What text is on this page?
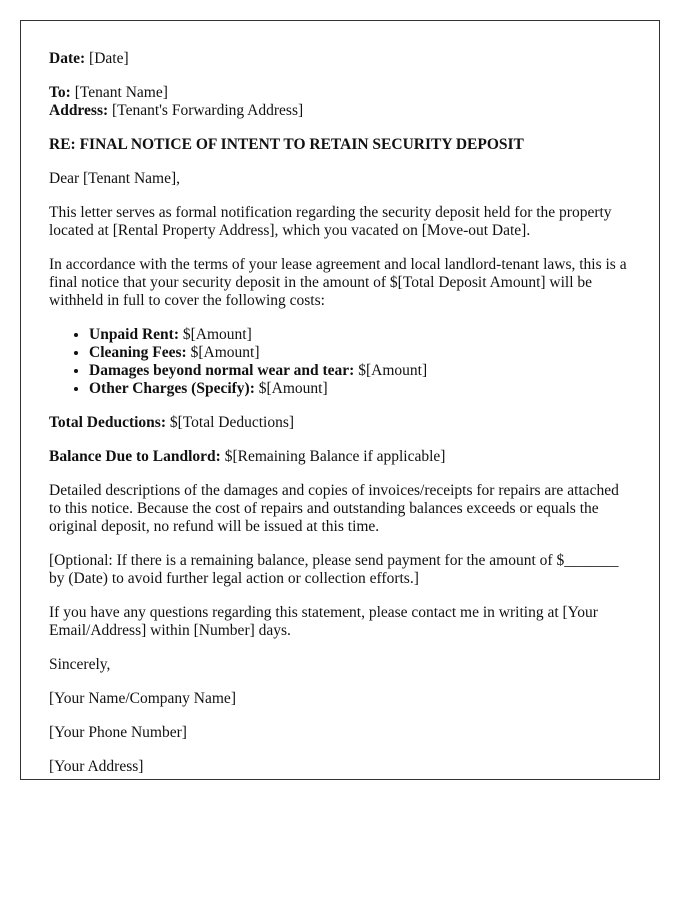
Date: [Date]

To: [Tenant Name]

Address: [Tenant's Forwarding Address]

RE: FINAL NOTICE OF INTENT TO RETAIN SECURITY DEPOSIT

Dear [Tenant Name],

This letter serves as formal notification regarding the security deposit held for the property located at [Rental Property Address], which you vacated on [Move-out Date].

In accordance with the terms of your lease agreement and local landlord-tenant laws, this is a final notice that your security deposit in the amount of $[Total Deposit Amount] will be withheld in full to cover the following costs:

• Unpaid Rent: $[Amount]
• Cleaning Fees: $[Amount]
• Damages beyond normal wear and tear: $[Amount]
• Other Charges (Specify): $[Amount]

Total Deductions: $[Total Deductions]

Balance Due to Landlord: $[Remaining Balance if applicable]

Detailed descriptions of the damages and copies of invoices/receipts for repairs are attached to this notice. Because the cost of repairs and outstanding balances exceeds or equals the original deposit, no refund will be issued at this time.

[Optional: If there is a remaining balance, please send payment for the amount of $_______ by (Date) to avoid further legal action or collection efforts.]

If you have any questions regarding this statement, please contact me in writing at [Your Email/Address] within [Number] days.

Sincerely,

[Your Name/Company Name]

[Your Phone Number]

[Your Address]
